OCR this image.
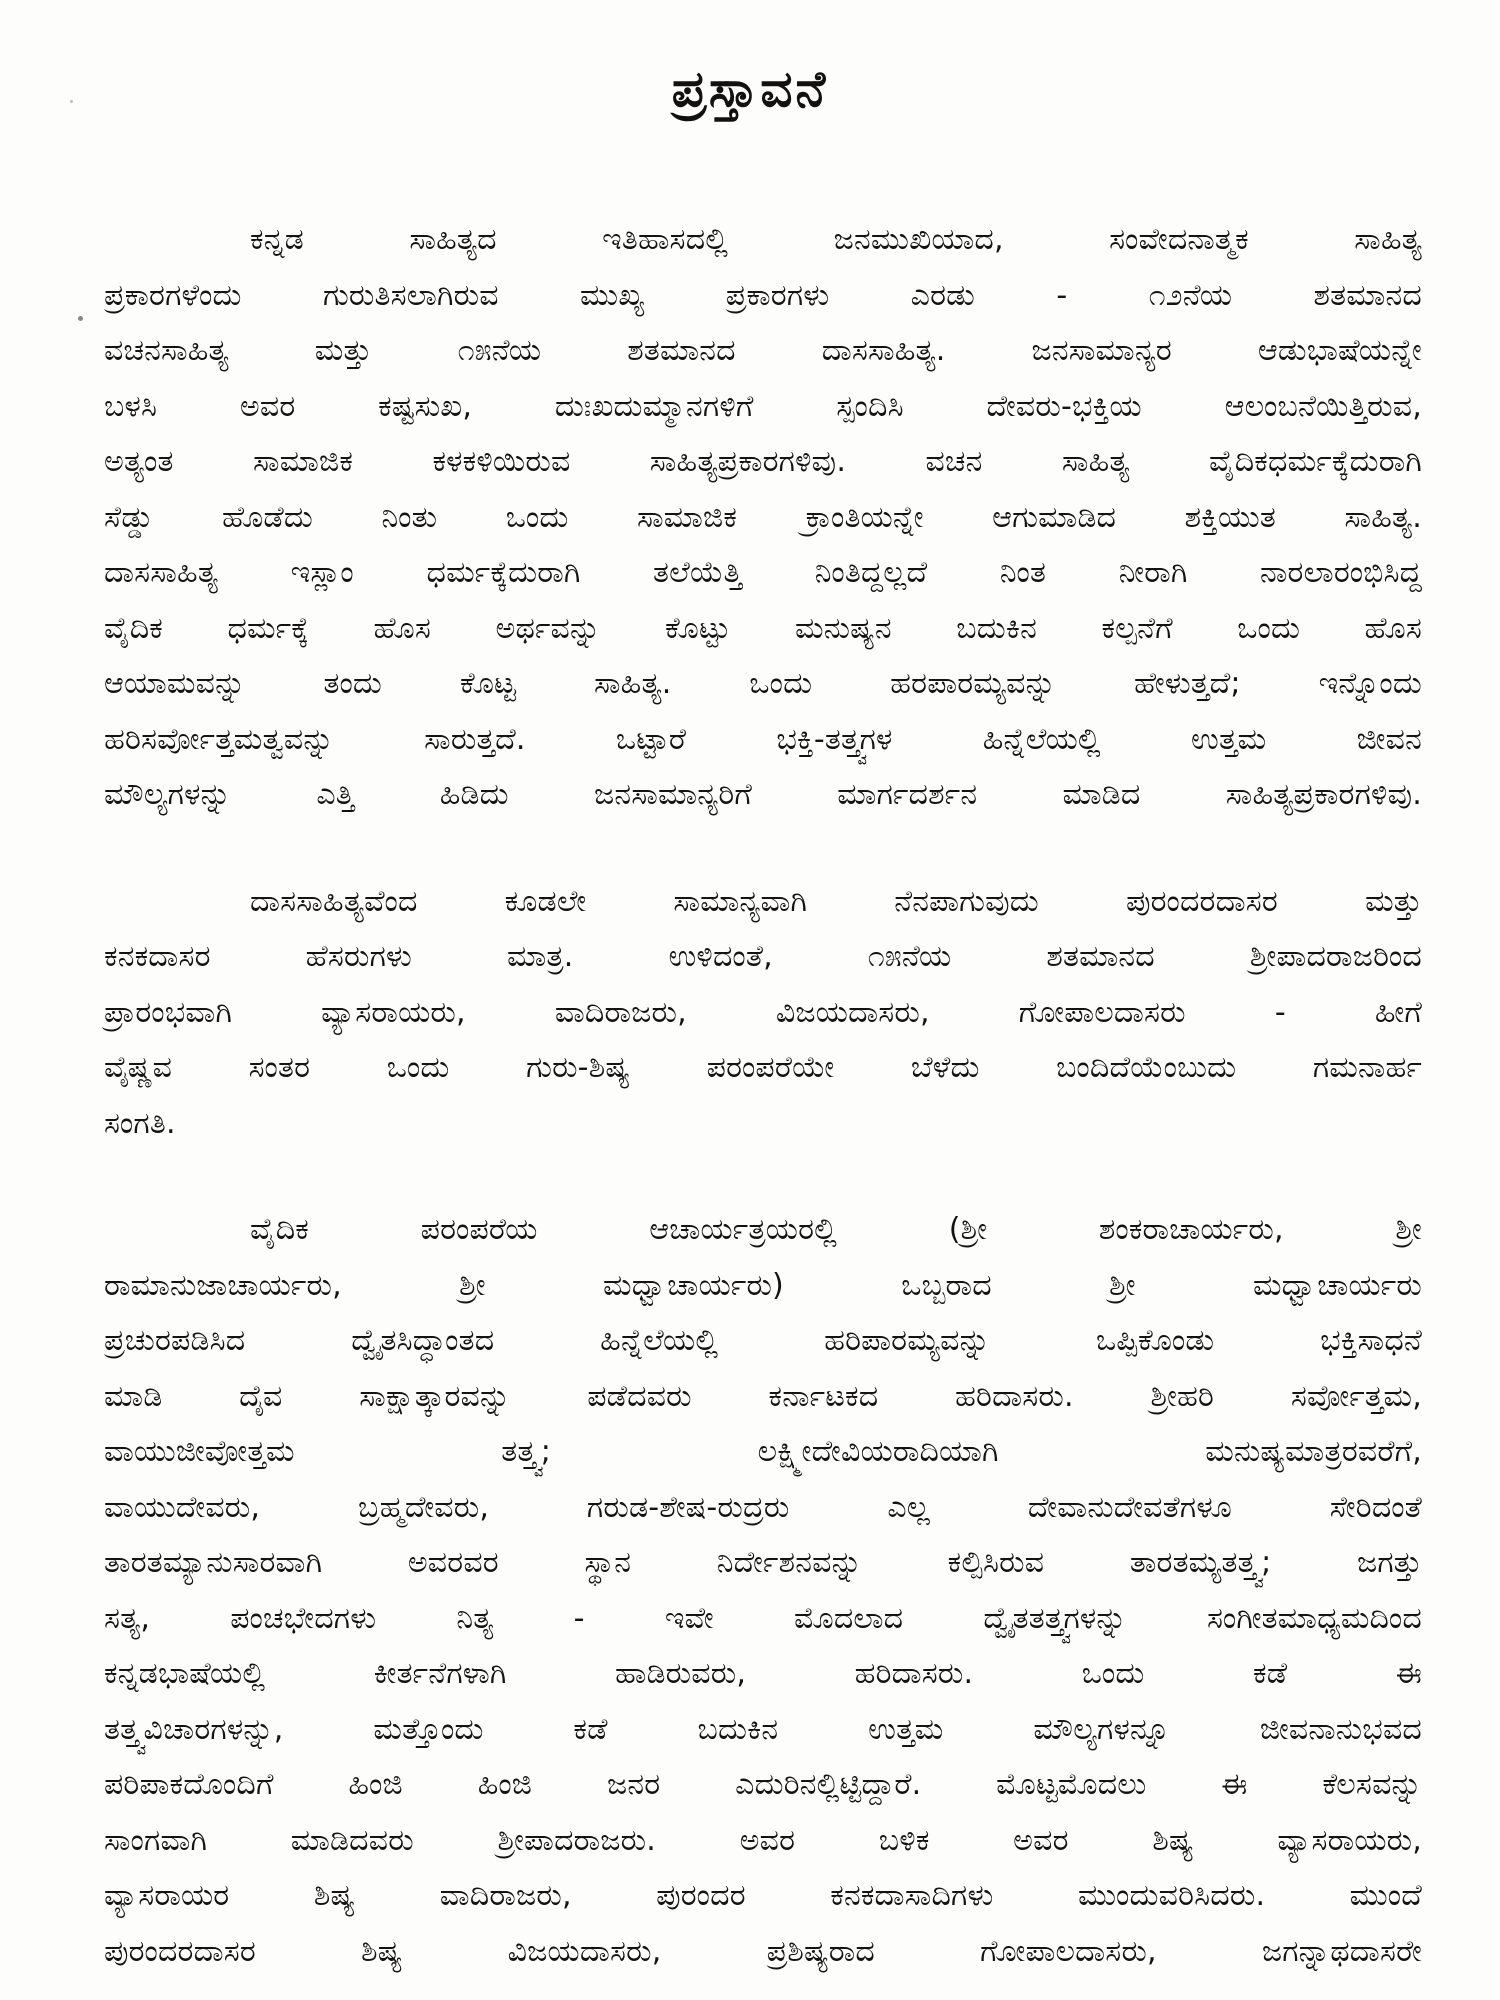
ಪ್ರಸ್ತಾವನೆ
ಕನ್ನಡ ಸಾಹಿತ್ಯದ ಇತಿಹಾಸದಲ್ಲಿ ಜನಮುಖಿಯಾದ, ಸಂವೇದನಾತ್ಮಕ ಸಾಹಿತ್ಯ
ಪ್ರಕಾರಗಳೆಂದು ಗುರುತಿಸಲಾಗಿರುವ ಮುಖ್ಯ ಪ್ರಕಾರಗಳು ಎರಡು - ೧೨ನೆಯ ಶತಮಾನದ
ವಚನಸಾಹಿತ್ಯ ಮತ್ತು ೧೫ನೆಯ ಶತಮಾನದ ದಾಸಸಾಹಿತ್ಯ. ಜನಸಾಮಾನ್ಯರ ಆಡುಭಾಷೆಯನ್ನೇ
ಬಳಸಿ ಅವರ ಕಷ್ಟಸುಖ, ದುಃಖದುಮ್ಮಾನಗಳಿಗೆ ಸ್ಪಂದಿಸಿ ದೇವರು-ಭಕ್ತಿಯ ಆಲಂಬನೆಯಿತ್ತಿರುವ,
ಅತ್ಯಂತ ಸಾಮಾಜಿಕ ಕಳಕಳಿಯಿರುವ ಸಾಹಿತ್ಯಪ್ರಕಾರಗಳಿವು. ವಚನ ಸಾಹಿತ್ಯ ವೈದಿಕಧರ್ಮಕ್ಕೆದುರಾಗಿ
ಸೆಡ್ಡು ಹೊಡೆದು ನಿಂತು ಒಂದು ಸಾಮಾಜಿಕ ಕ್ರಾಂತಿಯನ್ನೇ ಆಗುಮಾಡಿದ ಶಕ್ತಿಯುತ ಸಾಹಿತ್ಯ.
ದಾಸಸಾಹಿತ್ಯ ಇಸ್ಲಾಂ ಧರ್ಮಕ್ಕೆದುರಾಗಿ ತಲೆಯೆತ್ತಿ ನಿಂತಿದ್ದಲ್ಲದೆ ನಿಂತ ನೀರಾಗಿ ನಾರಲಾರಂಭಿಸಿದ್ದ
ವೈದಿಕ ಧರ್ಮಕ್ಕೆ ಹೊಸ ಅರ್ಥವನ್ನು ಕೊಟ್ಟು ಮನುಷ್ಯನ ಬದುಕಿನ ಕಲ್ಪನೆಗೆ ಒಂದು ಹೊಸ
ಆಯಾಮವನ್ನು ತಂದು ಕೊಟ್ಟ ಸಾಹಿತ್ಯ. ಒಂದು ಹರಪಾರಮ್ಯವನ್ನು ಹೇಳುತ್ತದೆ; ಇನ್ನೊಂದು
ಹರಿಸರ್ವೋತ್ತಮತ್ವವನ್ನು ಸಾರುತ್ತದೆ. ಒಟ್ಟಾರೆ ಭಕ್ತಿ-ತತ್ತ್ವಗಳ ಹಿನ್ನೆಲೆಯಲ್ಲಿ ಉತ್ತಮ ಜೀವನ
ಮೌಲ್ಯಗಳನ್ನು ಎತ್ತಿ ಹಿಡಿದು ಜನಸಾಮಾನ್ಯರಿಗೆ ಮಾರ್ಗದರ್ಶನ ಮಾಡಿದ ಸಾಹಿತ್ಯಪ್ರಕಾರಗಳಿವು.
ದಾಸಸಾಹಿತ್ಯವೆಂದ ಕೂಡಲೇ ಸಾಮಾನ್ಯವಾಗಿ ನೆನಪಾಗುವುದು ಪುರಂದರದಾಸರ ಮತ್ತು
ಕನಕದಾಸರ ಹೆಸರುಗಳು ಮಾತ್ರ. ಉಳಿದಂತೆ, ೧೫ನೆಯ ಶತಮಾನದ ಶ್ರೀಪಾದರಾಜರಿಂದ
ಪ್ರಾರಂಭವಾಗಿ ವ್ಯಾಸರಾಯರು, ವಾದಿರಾಜರು, ವಿಜಯದಾಸರು, ಗೋಪಾಲದಾಸರು - ಹೀಗೆ
ವೈಷ್ಣವ ಸಂತರ ಒಂದು ಗುರು-ಶಿಷ್ಯ ಪರಂಪರೆಯೇ ಬೆಳೆದು ಬಂದಿದೆಯೆಂಬುದು ಗಮನಾರ್ಹ
ಸಂಗತಿ.
ವೈದಿಕ ಪರಂಪರೆಯ ಆಚಾರ್ಯತ್ರಯರಲ್ಲಿ (ಶ್ರೀ ಶಂಕರಾಚಾರ್ಯರು, ಶ್ರೀ
ರಾಮಾನುಜಾಚಾರ್ಯರು, ಶ್ರೀ ಮಧ್ವಾಚಾರ್ಯರು) ಒಬ್ಬರಾದ ಶ್ರೀ ಮಧ್ವಾಚಾರ್ಯರು
ಪ್ರಚುರಪಡಿಸಿದ ದ್ವೈತಸಿದ್ಧಾಂತದ ಹಿನ್ನೆಲೆಯಲ್ಲಿ ಹರಿಪಾರಮ್ಯವನ್ನು ಒಪ್ಪಿಕೊಂಡು ಭಕ್ತಿಸಾಧನೆ
ಮಾಡಿ ದೈವ ಸಾಕ್ಷಾತ್ಕಾರವನ್ನು ಪಡೆದವರು ಕರ್ನಾಟಕದ ಹರಿದಾಸರು. ಶ್ರೀಹರಿ ಸರ್ವೋತ್ತಮ,
ವಾಯುಜೀವೋತ್ತಮ ತತ್ತ್ವ; ಲಕ್ಷ್ಮೀದೇವಿಯರಾದಿಯಾಗಿ ಮನುಷ್ಯಮಾತ್ರರವರೆಗೆ,
ವಾಯುದೇವರು, ಬ್ರಹ್ಮದೇವರು, ಗರುಡ-ಶೇಷ-ರುದ್ರರು ಎಲ್ಲ ದೇವಾನುದೇವತೆಗಳೂ ಸೇರಿದಂತೆ
ತಾರತಮ್ಯಾನುಸಾರವಾಗಿ ಅವರವರ ಸ್ಥಾನ ನಿರ್ದೇಶನವನ್ನು ಕಲ್ಪಿಸಿರುವ ತಾರತಮ್ಯತತ್ತ್ವ; ಜಗತ್ತು
ಸತ್ಯ, ಪಂಚಭೇದಗಳು ನಿತ್ಯ - ಇವೇ ಮೊದಲಾದ ದ್ವೈತತತ್ತ್ವಗಳನ್ನು ಸಂಗೀತಮಾಧ್ಯಮದಿಂದ
ಕನ್ನಡಭಾಷೆಯಲ್ಲಿ ಕೀರ್ತನೆಗಳಾಗಿ ಹಾಡಿರುವರು, ಹರಿದಾಸರು. ಒಂದು ಕಡೆ ಈ
ತತ್ತ್ವವಿಚಾರಗಳನ್ನು, ಮತ್ತೊಂದು ಕಡೆ ಬದುಕಿನ ಉತ್ತಮ ಮೌಲ್ಯಗಳನ್ನೂ ಜೀವನಾನುಭವದ
ಪರಿಪಾಕದೊಂದಿಗೆ ಹಿಂಜಿ ಹಿಂಜಿ ಜನರ ಎದುರಿನಲ್ಲಿಟ್ಟಿದ್ದಾರೆ. ಮೊಟ್ಟಮೊದಲು ಈ ಕೆಲಸವನ್ನು
ಸಾಂಗವಾಗಿ ಮಾಡಿದವರು ಶ್ರೀಪಾದರಾಜರು. ಅವರ ಬಳಿಕ ಅವರ ಶಿಷ್ಯ ವ್ಯಾಸರಾಯರು,
ವ್ಯಾಸರಾಯರ ಶಿಷ್ಯ ವಾದಿರಾಜರು, ಪುರಂದರ ಕನಕದಾಸಾದಿಗಳು ಮುಂದುವರಿಸಿದರು. ಮುಂದೆ
ಪುರಂದರದಾಸರ ಶಿಷ್ಯ ವಿಜಯದಾಸರು, ಪ್ರಶಿಷ್ಯರಾದ ಗೋಪಾಲದಾಸರು, ಜಗನ್ನಾಥದಾಸರೇ
